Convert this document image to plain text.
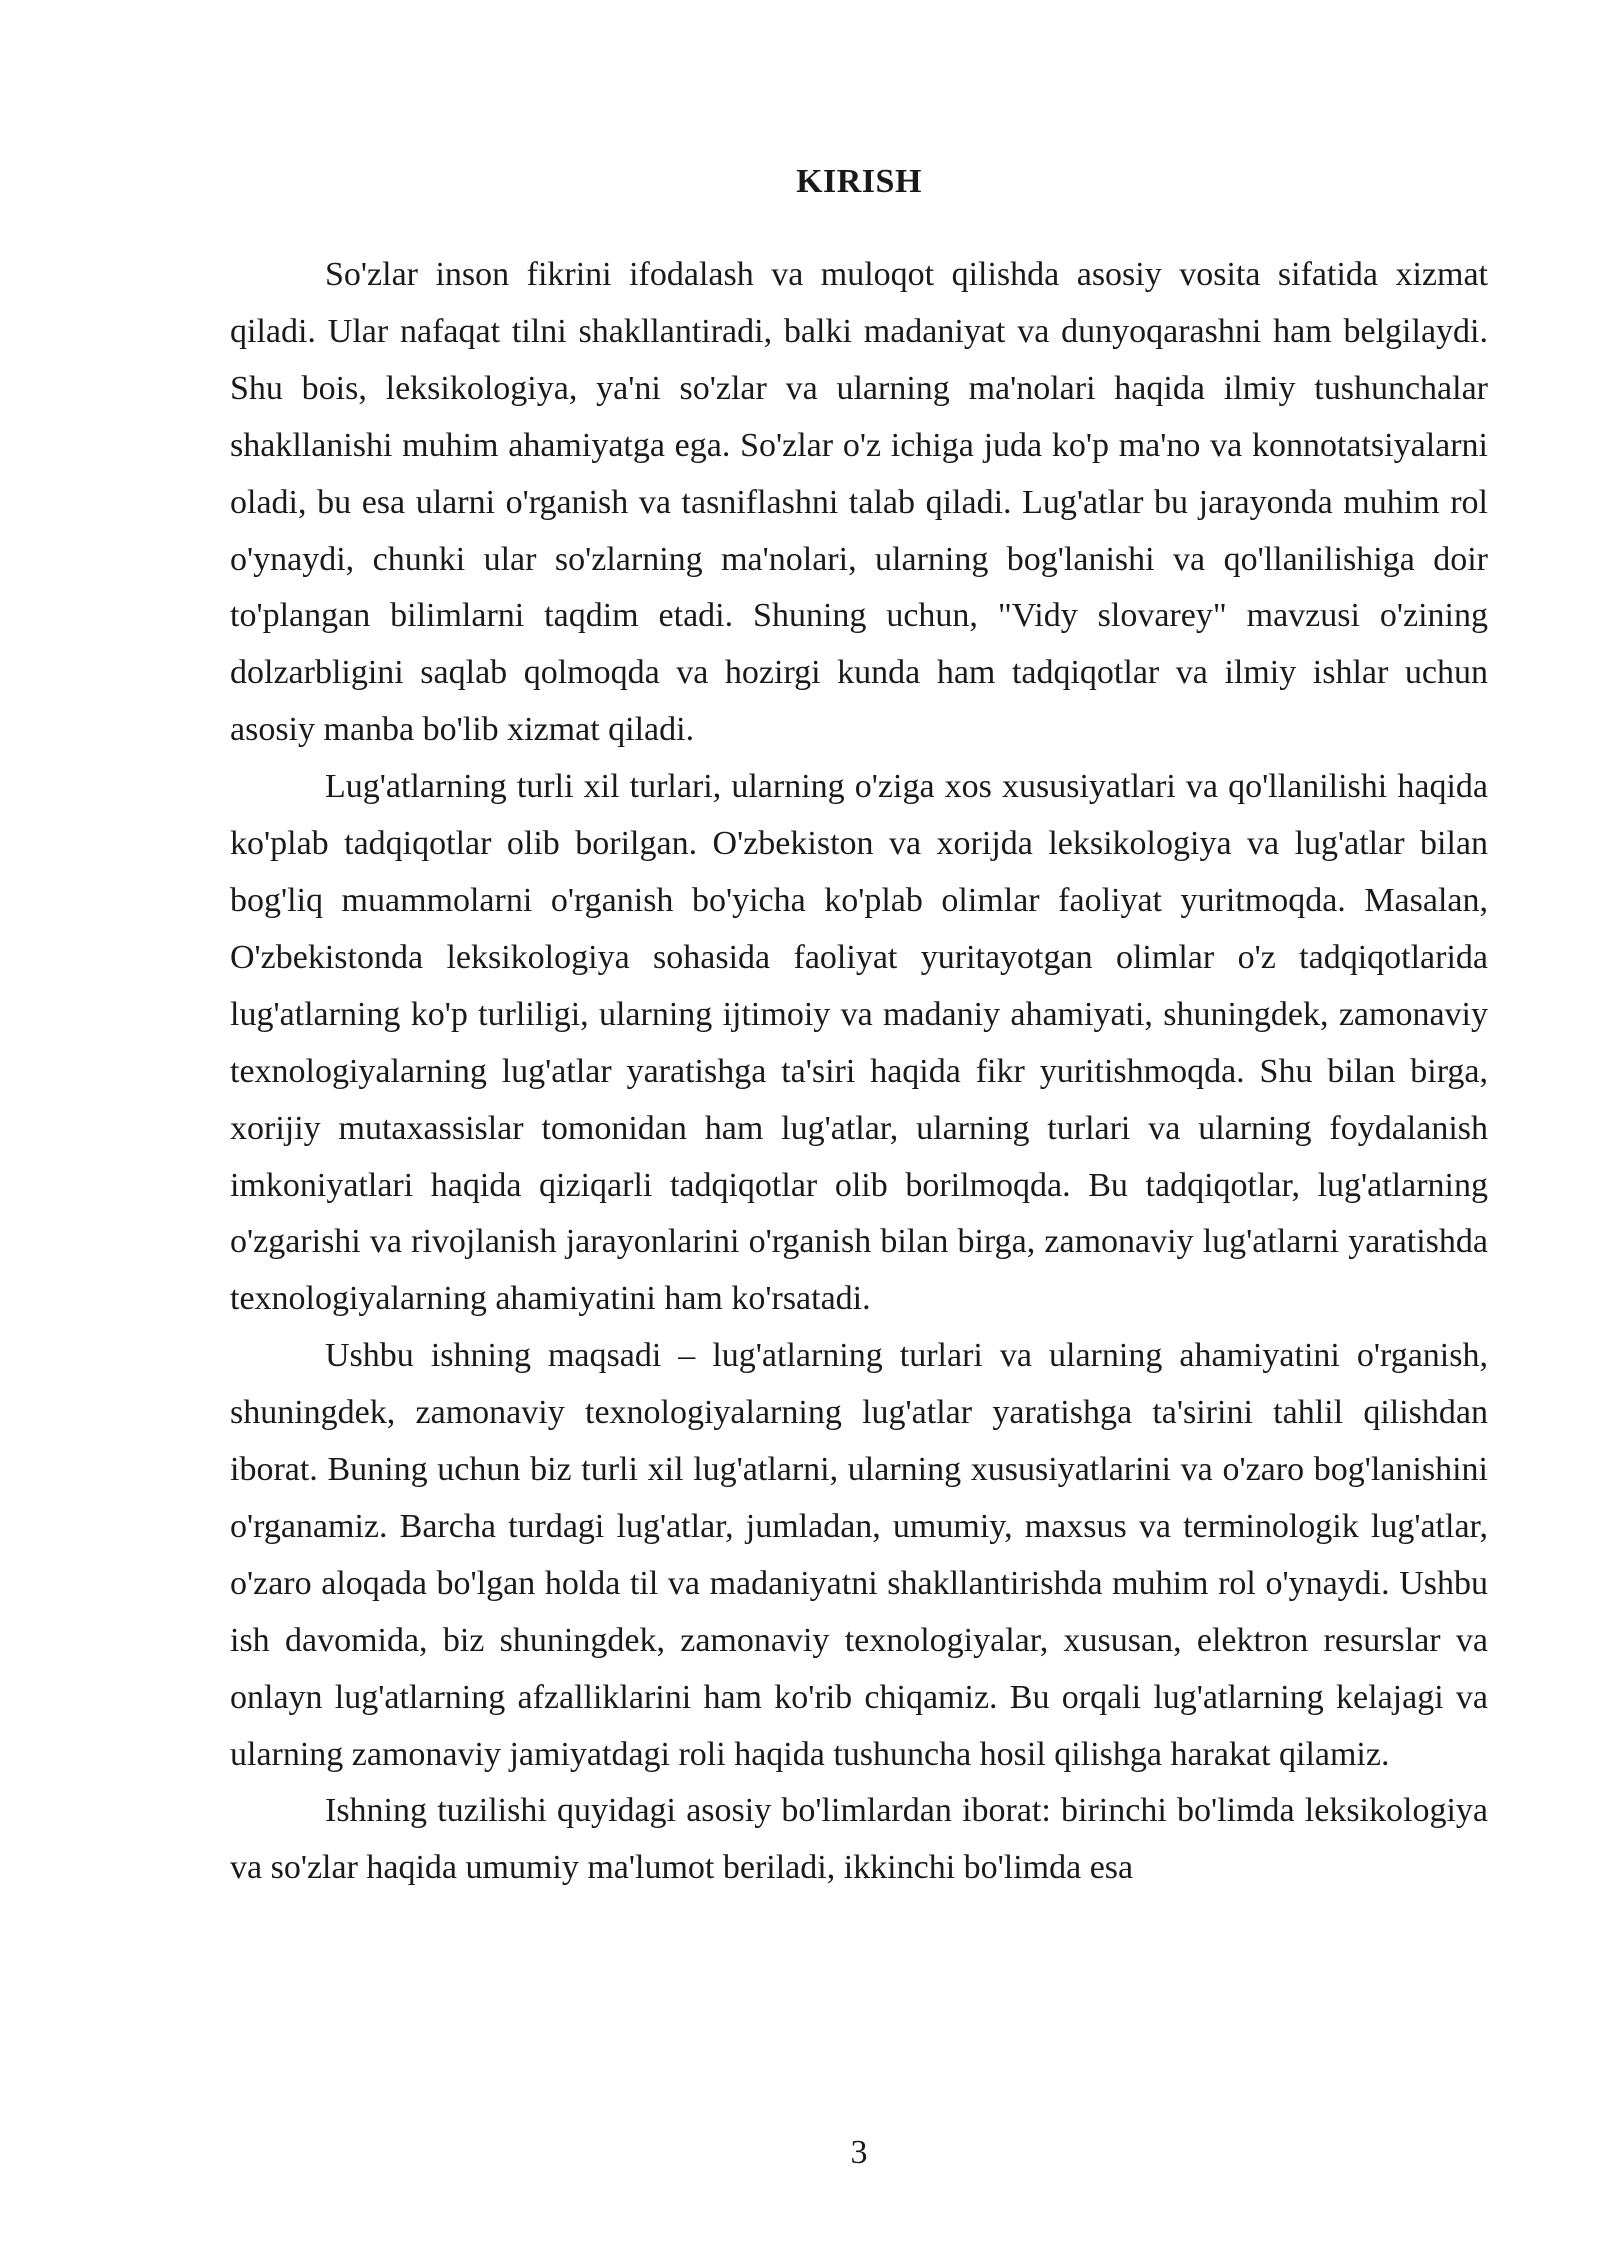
KIRISH

So'zlar inson fikrini ifodalash va muloqot qilishda asosiy vosita sifatida xizmat qiladi. Ular nafaqat tilni shakllantiradi, balki madaniyat va dunyoqarashni ham belgilaydi. Shu bois, leksikologiya, ya'ni so'zlar va ularning ma'nolari haqida ilmiy tushunchalar shakllanishi muhim ahamiyatga ega. So'zlar o'z ichiga juda ko'p ma'no va konnotatsiyalarni oladi, bu esa ularni o'rganish va tasniflashni talab qiladi. Lug'atlar bu jarayonda muhim rol o'ynaydi, chunki ular so'zlarning ma'nolari, ularning bog'lanishi va qo'llanilishiga doir to'plangan bilimlarni taqdim etadi. Shuning uchun, "Vidy slovarey" mavzusi o'zining dolzarbligini saqlab qolmoqda va hozirgi kunda ham tadqiqotlar va ilmiy ishlar uchun asosiy manba bo'lib xizmat qiladi.

Lug'atlarning turli xil turlari, ularning o'ziga xos xususiyatlari va qo'llanilishi haqida ko'plab tadqiqotlar olib borilgan. O'zbekiston va xorijda leksikologiya va lug'atlar bilan bog'liq muammolarni o'rganish bo'yicha ko'plab olimlar faoliyat yuritmoqda. Masalan, O'zbekistonda leksikologiya sohasida faoliyat yuritayotgan olimlar o'z tadqiqotlarida lug'atlarning ko'p turliligi, ularning ijtimoiy va madaniy ahamiyati, shuningdek, zamonaviy texnologiyalarning lug'atlar yaratishga ta'siri haqida fikr yuritishmoqda. Shu bilan birga, xorijiy mutaxassislar tomonidan ham lug'atlar, ularning turlari va ularning foydalanish imkoniyatlari haqida qiziqarli tadqiqotlar olib borilmoqda. Bu tadqiqotlar, lug'atlarning o'zgarishi va rivojlanish jarayonlarini o'rganish bilan birga, zamonaviy lug'atlarni yaratishda texnologiyalarning ahamiyatini ham ko'rsatadi.

Ushbu ishning maqsadi – lug'atlarning turlari va ularning ahamiyatini o'rganish, shuningdek, zamonaviy texnologiyalarning lug'atlar yaratishga ta'sirini tahlil qilishdan iborat. Buning uchun biz turli xil lug'atlarni, ularning xususiyatlarini va o'zaro bog'lanishini o'rganamiz. Barcha turdagi lug'atlar, jumladan, umumiy, maxsus va terminologik lug'atlar, o'zaro aloqada bo'lgan holda til va madaniyatni shakllantirishda muhim rol o'ynaydi. Ushbu ish davomida, biz shuningdek, zamonaviy texnologiyalar, xususan, elektron resurslar va onlayn lug'atlarning afzalliklarini ham ko'rib chiqamiz. Bu orqali lug'atlarning kelajagi va ularning zamonaviy jamiyatdagi roli haqida tushuncha hosil qilishga harakat qilamiz.

Ishning tuzilishi quyidagi asosiy bo'limlardan iborat: birinchi bo'limda leksikologiya va so'zlar haqida umumiy ma'lumot beriladi, ikkinchi bo'limda esa

3
